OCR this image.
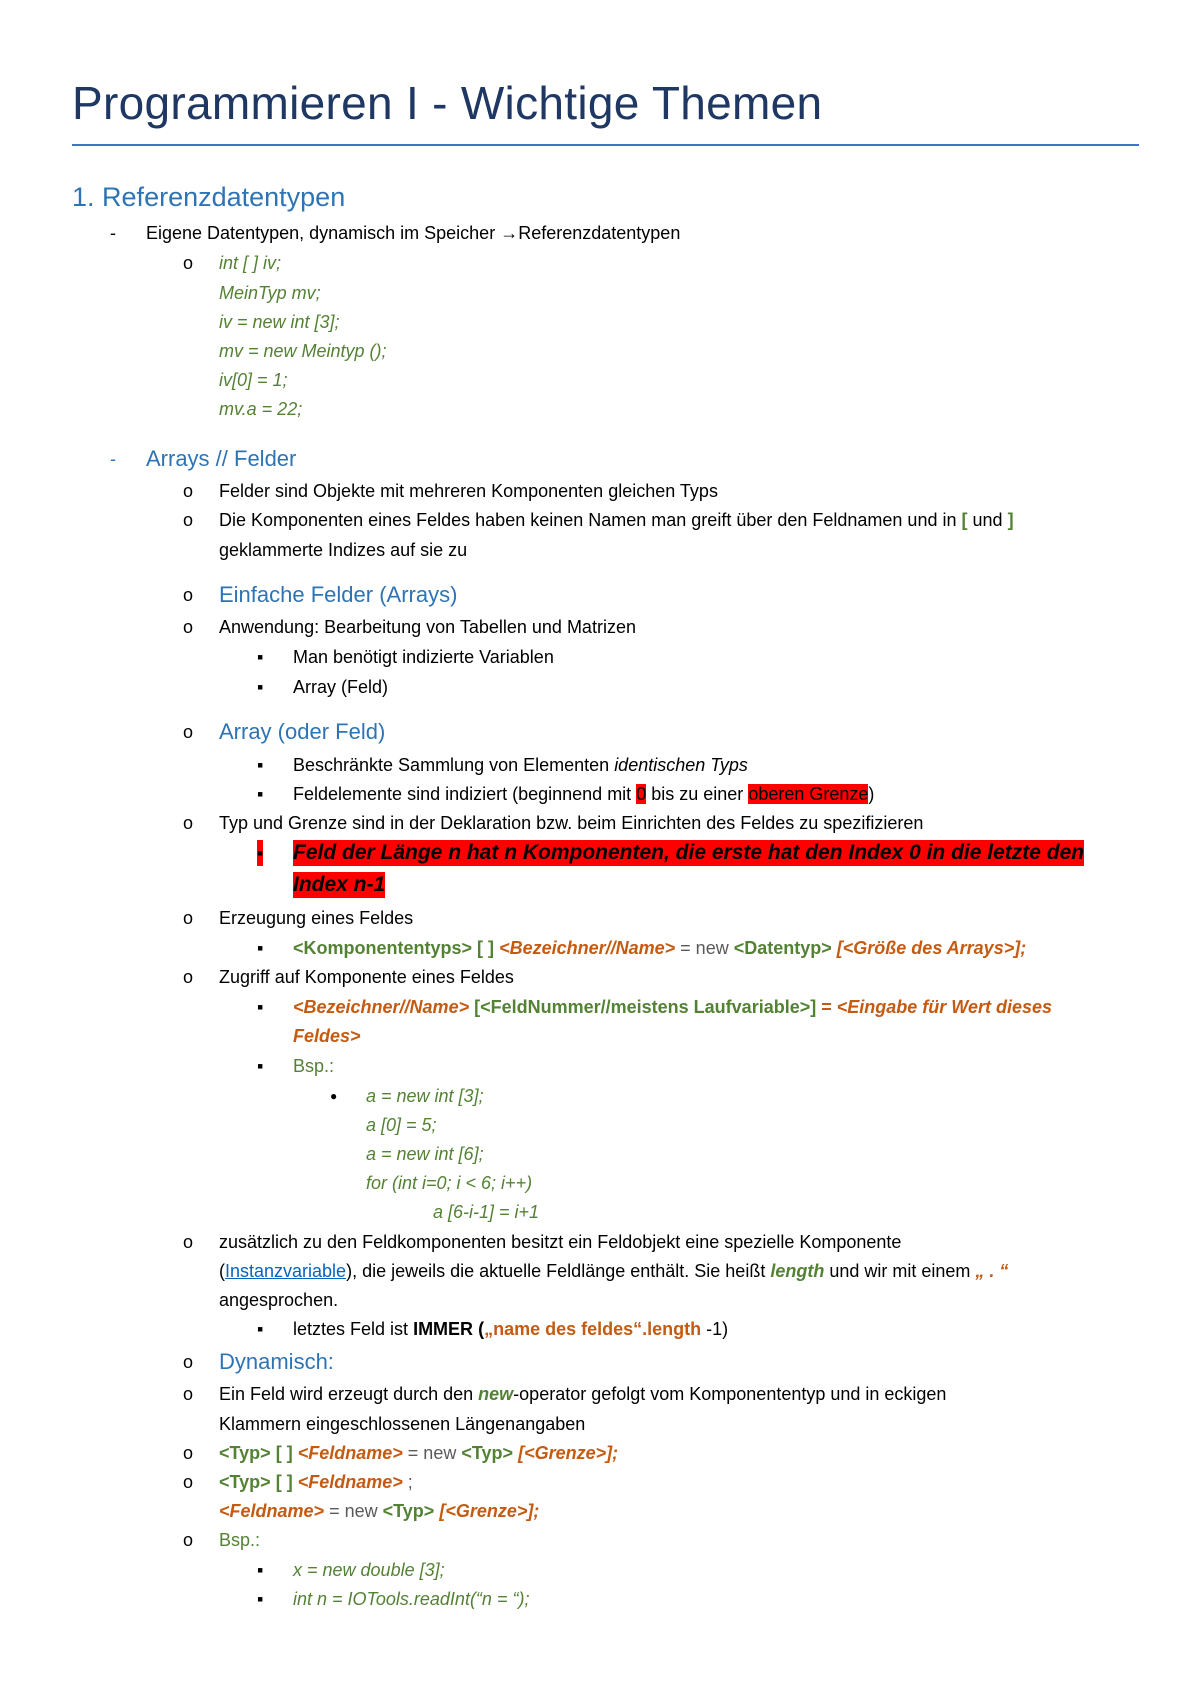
Programmieren I - Wichtige Themen
1. Referenzdatentypen
- Eigene Datentypen, dynamisch im Speicher →Referenzdatentypen
o int [ ] iv;
MeinTyp mv;
iv = new int [3];
mv = new Meintyp ();
iv[0] = 1;
mv.a = 22;
- Arrays // Felder
o Felder sind Objekte mit mehreren Komponenten gleichen Typs
o Die Komponenten eines Feldes haben keinen Namen man greift über den Feldnamen und in [ und ]
geklammerte Indizes auf sie zu
o Einfache Felder (Arrays)
o Anwendung: Bearbeitung von Tabellen und Matrizen
▪ Man benötigt indizierte Variablen
▪ Array (Feld)
o Array (oder Feld)
▪ Beschränkte Sammlung von Elementen identischen Typs
▪ Feldelemente sind indiziert (beginnend mit 0 bis zu einer oberen Grenze)
o Typ und Grenze sind in der Deklaration bzw. beim Einrichten des Feldes zu spezifizieren
▪ Feld der Länge n hat n Komponenten, die erste hat den Index 0 in die letzte den
Index n-1
o Erzeugung eines Feldes
▪ <Komponententyps> [ ] <Bezeichner//Name> = new <Datentyp> [<Größe des Arrays>];
o Zugriff auf Komponente eines Feldes
▪ <Bezeichner//Name> [<FeldNummer//meistens Laufvariable>] = <Eingabe für Wert dieses
Feldes>
▪ Bsp.:
● a = new int [3];
a [0] = 5;
a = new int [6];
for (int i=0; i < 6; i++)
a [6-i-1] = i+1
o zusätzlich zu den Feldkomponenten besitzt ein Feldobjekt eine spezielle Komponente
(Instanzvariable), die jeweils die aktuelle Feldlänge enthält. Sie heißt length und wir mit einem „ . “
angesprochen.
▪ letztes Feld ist IMMER („name des feldes“.length -1)
o Dynamisch:
o Ein Feld wird erzeugt durch den new-operator gefolgt vom Komponententyp und in eckigen
Klammern eingeschlossenen Längenangaben
o <Typ> [ ] <Feldname> = new <Typ> [<Grenze>];
o <Typ> [ ] <Feldname> ;
<Feldname> = new <Typ> [<Grenze>];
o Bsp.:
▪ x = new double [3];
▪ int n = IOTools.readInt(“n = “);
